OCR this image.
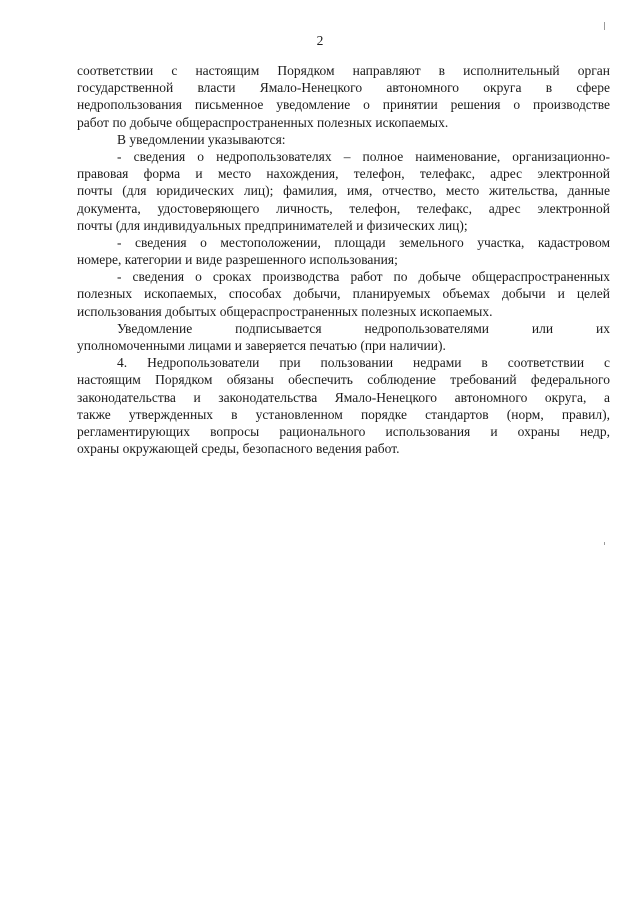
2
соответствии с настоящим Порядком направляют в исполнительный орган
государственной власти Ямало-Ненецкого автономного округа в сфере
недропользования письменное уведомление о принятии решения о производстве
работ по добыче общераспространенных полезных ископаемых.
В уведомлении указываются:
- сведения о недропользователях – полное наименование, организационно-
правовая форма и место нахождения, телефон, телефакс, адрес электронной
почты (для юридических лиц); фамилия, имя, отчество, место жительства, данные
документа, удостоверяющего личность, телефон, телефакс, адрес электронной
почты (для индивидуальных предпринимателей и физических лиц);
- сведения о местоположении, площади земельного участка, кадастровом
номере, категории и виде разрешенного использования;
- сведения о сроках производства работ по добыче общераспространенных
полезных ископаемых, способах добычи, планируемых объемах добычи и целей
использования добытых общераспространенных полезных ископаемых.
Уведомление подписывается недропользователями или их
уполномоченными лицами и заверяется печатью (при наличии).
4. Недропользователи при пользовании недрами в соответствии с
настоящим Порядком обязаны обеспечить соблюдение требований федерального
законодательства и законодательства Ямало-Ненецкого автономного округа, а
также утвержденных в установленном порядке стандартов (норм, правил),
регламентирующих вопросы рационального использования и охраны недр,
охраны окружающей среды, безопасного ведения работ.
